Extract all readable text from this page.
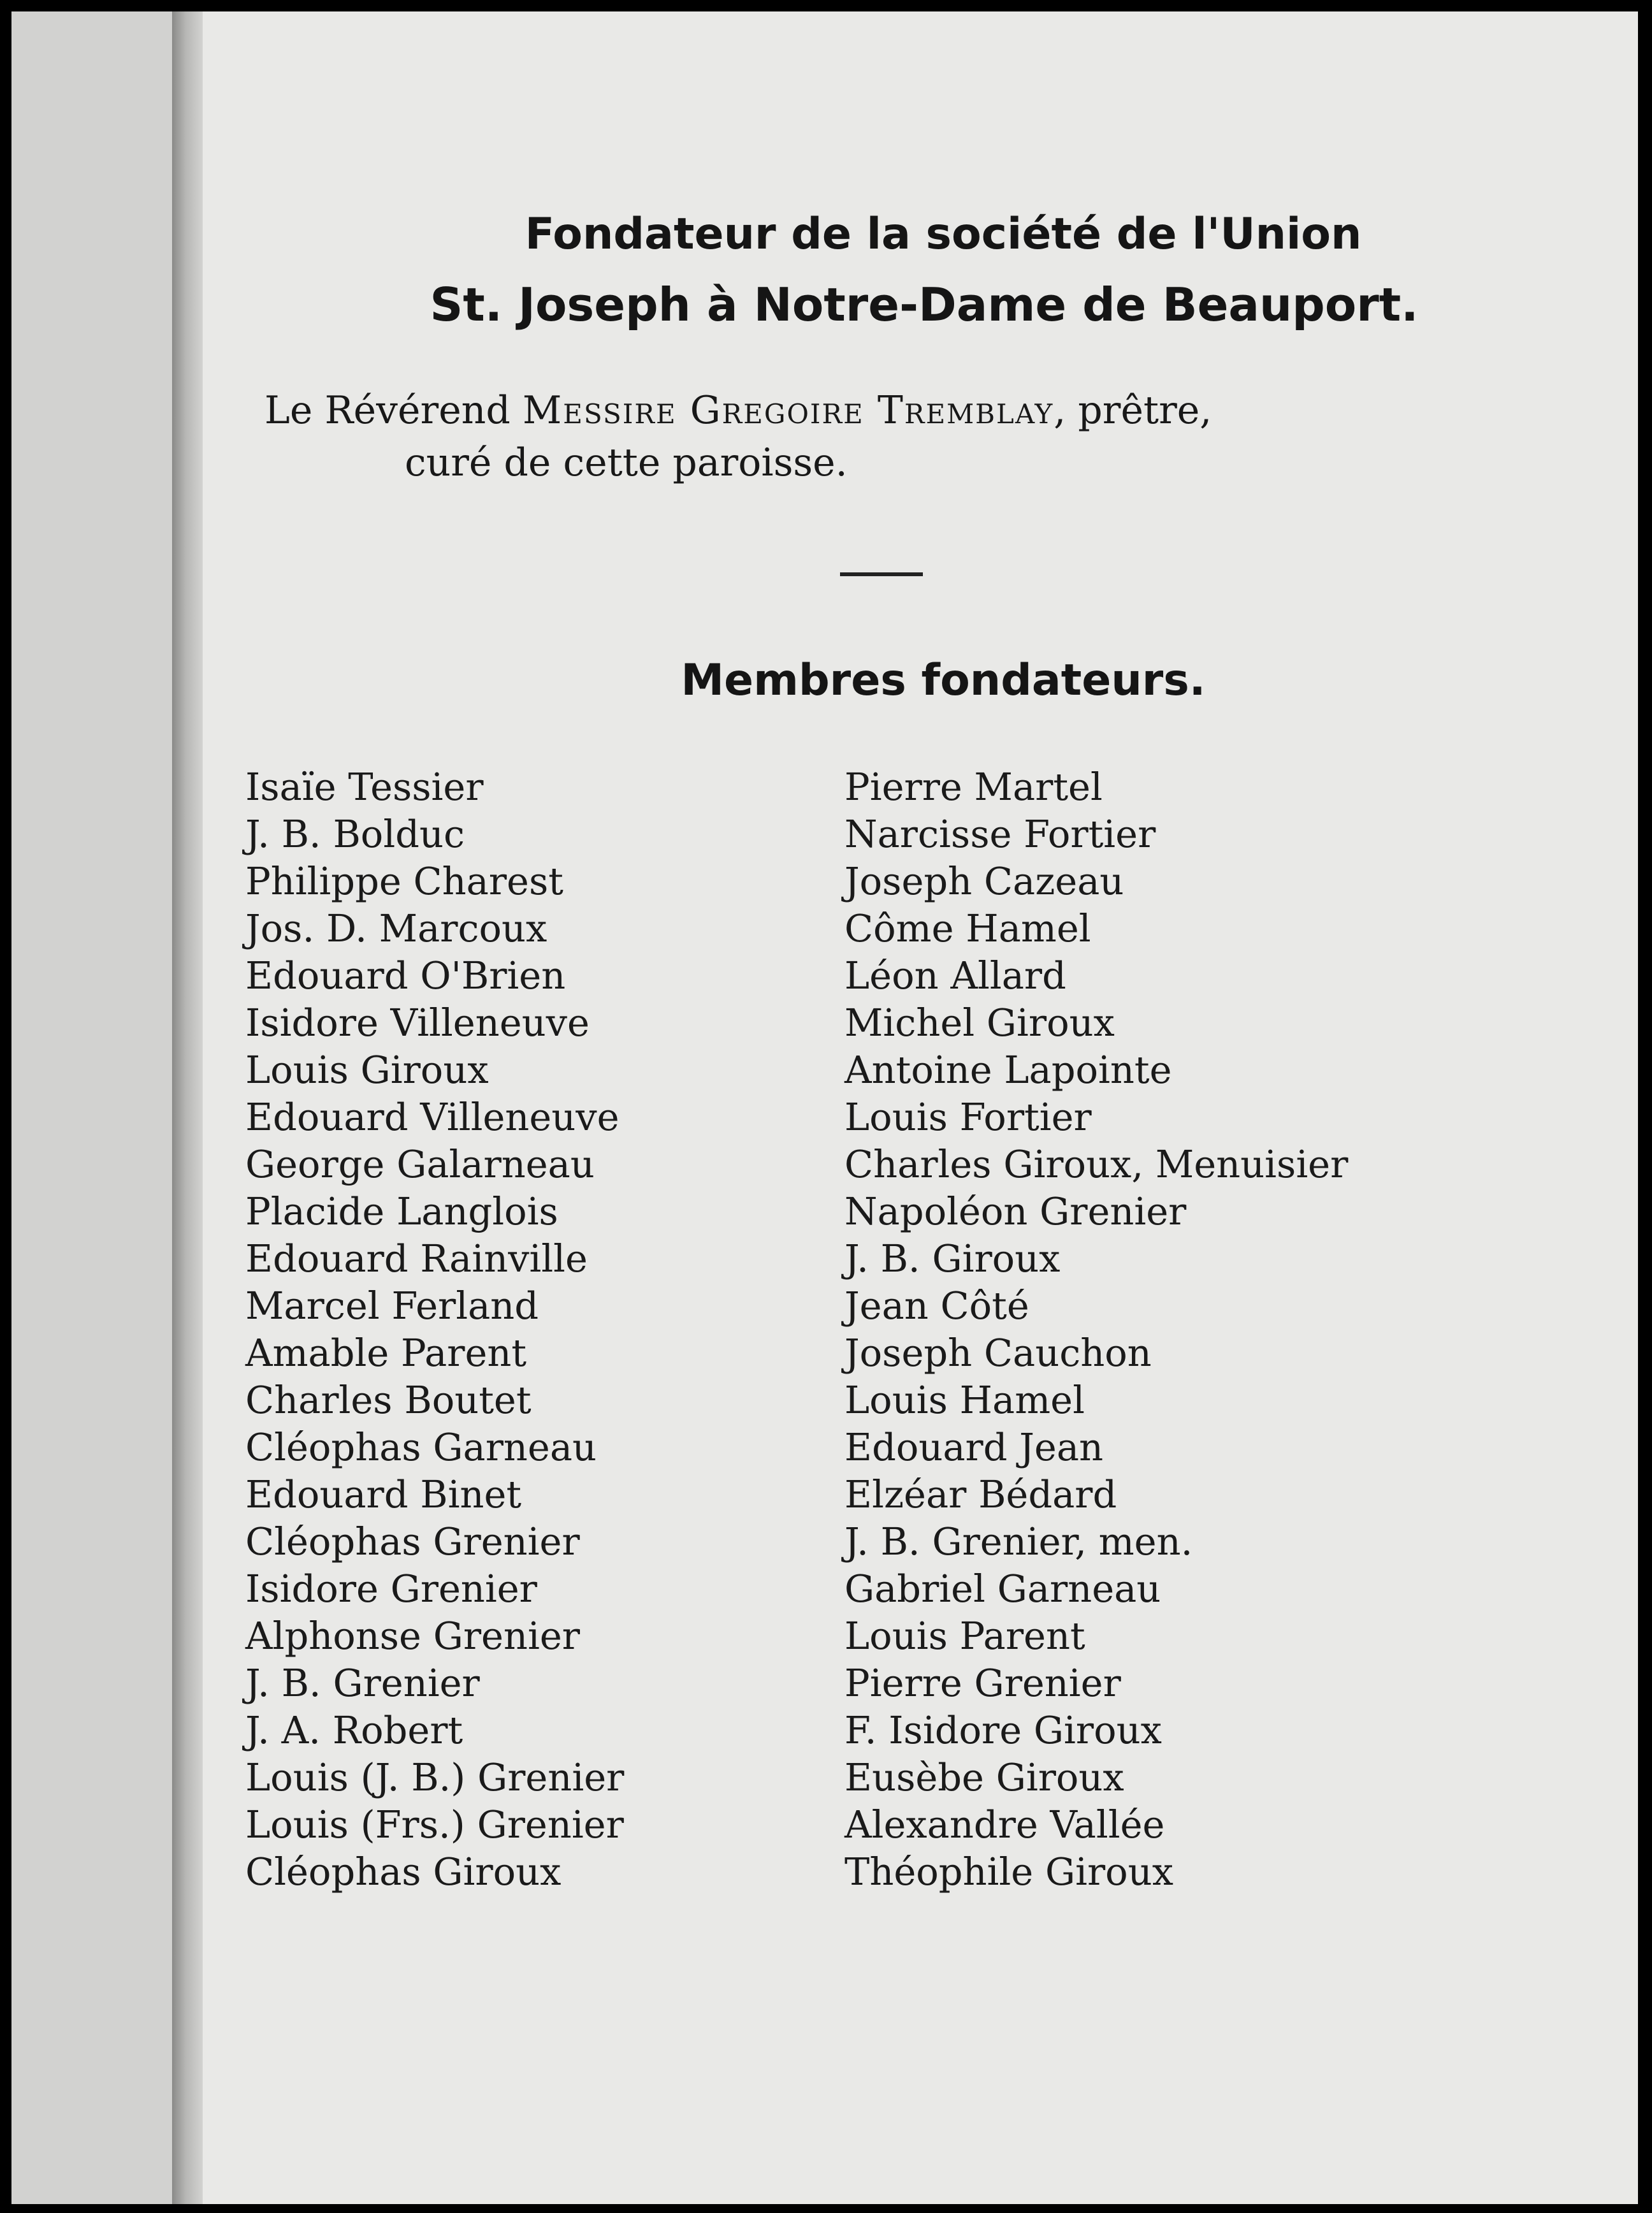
Fondateur de la société de l'Union
St. Joseph à Notre-Dame de Beauport.
Le Révérend Messire Gregoire Tremblay, prêtre,
curé de cette paroisse.
Membres fondateurs.
Isaïe Tessier
J. B. Bolduc
Philippe Charest
Jos. D. Marcoux
Edouard O'Brien
Isidore Villeneuve
Louis Giroux
Edouard Villeneuve
George Galarneau
Placide Langlois
Edouard Rainville
Marcel Ferland
Amable Parent
Charles Boutet
Cléophas Garneau
Edouard Binet
Cléophas Grenier
Isidore Grenier
Alphonse Grenier
J. B. Grenier
J. A. Robert
Louis (J. B.) Grenier
Louis (Frs.) Grenier
Cléophas Giroux
Pierre Martel
Narcisse Fortier
Joseph Cazeau
Côme Hamel
Léon Allard
Michel Giroux
Antoine Lapointe
Louis Fortier
Charles Giroux, Menuisier
Napoléon Grenier
J. B. Giroux
Jean Côté
Joseph Cauchon
Louis Hamel
Edouard Jean
Elzéar Bédard
J. B. Grenier, men.
Gabriel Garneau
Louis Parent
Pierre Grenier
F. Isidore Giroux
Eusèbe Giroux
Alexandre Vallée
Théophile Giroux
